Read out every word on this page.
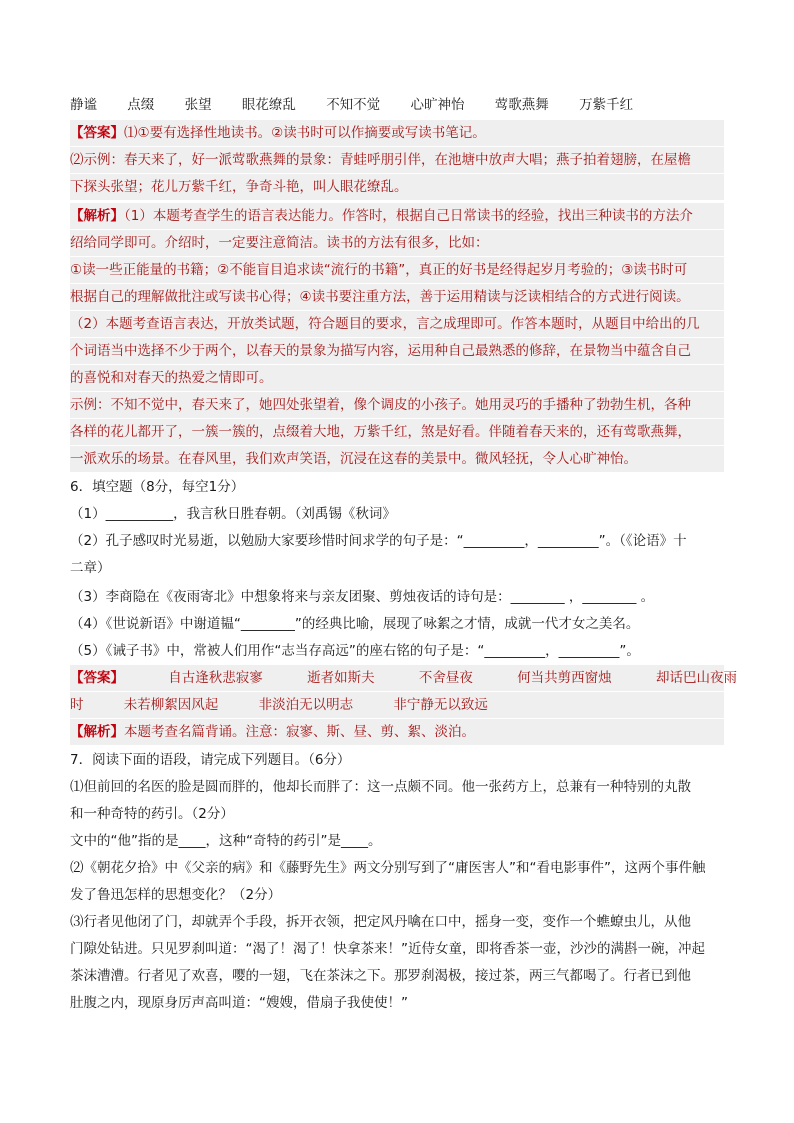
静谧 点缀 张望 眼花缭乱 不知不觉 心旷神怡 莺歌燕舞 万紫千红
【答案】⑴①要有选择性地读书。②读书时可以作摘要或写读书笔记。
⑵示例：春天来了，好一派莺歌燕舞的景象：青蛙呼朋引伴，在池塘中放声大唱；燕子拍着翅膀，在屋檐
下探头张望；花儿万紫千红，争奇斗艳，叫人眼花缭乱。
【解析】（1）本题考查学生的语言表达能力。作答时，根据自己日常读书的经验，找出三种读书的方法介
绍给同学即可。介绍时，一定要注意简洁。读书的方法有很多，比如：
①读一些正能量的书籍；②不能盲目追求读“流行的书籍”，真正的好书是经得起岁月考验的；③读书时可
根据自己的理解做批注或写读书心得；④读书要注重方法，善于运用精读与泛读相结合的方式进行阅读。
（2）本题考查语言表达，开放类试题，符合题目的要求，言之成理即可。作答本题时，从题目中给出的几
个词语当中选择不少于两个，以春天的景象为描写内容，运用种自己最熟悉的修辞，在景物当中蕴含自己
的喜悦和对春天的热爱之情即可。
示例：不知不觉中，春天来了，她四处张望着，像个调皮的小孩子。她用灵巧的手播种了勃勃生机，各种
各样的花儿都开了，一簇一簇的，点缀着大地，万紫千红，煞是好看。伴随着春天来的，还有莺歌燕舞，
一派欢乐的场景。在春风里，我们欢声笑语，沉浸在这春的美景中。微风轻抚，令人心旷神怡。
6．填空题（8分，每空1分）
（1）__________，我言秋日胜春朝。（刘禹锡《秋词》
（2）孔子感叹时光易逝，以勉励大家要珍惜时间求学的句子是：“_________，_________”。（《论语》十
二章）
（3）李商隐在《夜雨寄北》中想象将来与亲友团聚、剪烛夜话的诗句是：________ ，________ 。
（4）《世说新语》中谢道韫“________”的经典比喻，展现了咏絮之才情，成就一代才女之美名。
（5）《诫子书》中，常被人们用作“志当存高远”的座右铭的句子是：“_________，_________”。
【答案】	自古逢秋悲寂寥	逝者如斯夫	不舍昼夜	何当共剪西窗烛	却话巴山夜雨
时	未若柳絮因风起	非淡泊无以明志	非宁静无以致远
【解析】本题考查名篇背诵。注意：寂寥、斯、昼、剪、絮、淡泊。
7．阅读下面的语段，请完成下列题目。（6分）
⑴但前回的名医的脸是圆而胖的，他却长而胖了：这一点颇不同。他一张药方上，总兼有一种特别的丸散
和一种奇特的药引。（2分）
文中的“他”指的是____，这种“奇特的药引”是____。
⑵《朝花夕拾》中《父亲的病》和《藤野先生》两文分别写到了“庸医害人”和“看电影事件”，这两个事件触
发了鲁迅怎样的思想变化？（2分）
⑶行者见他闭了门，却就弄个手段，拆开衣领，把定风丹噙在口中，摇身一变，变作一个蟭蟟虫儿，从他
门隙处钻进。只见罗刹叫道：“渴了！渴了！快拿茶来！”近侍女童，即将香茶一壶，沙沙的满斟一碗，冲起
茶沫漕漕。行者见了欢喜，嘤的一翅，飞在茶沫之下。那罗刹渴极，接过茶，两三气都喝了。行者已到他
肚腹之内，现原身厉声高叫道：“嫂嫂，借扇子我使使！”
